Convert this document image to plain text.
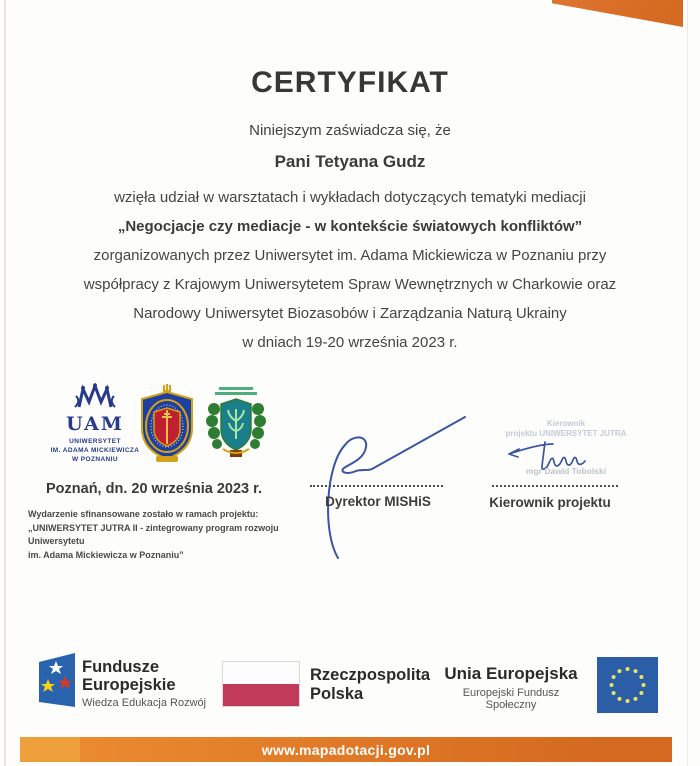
CERTYFIKAT
Niniejszym zaświadcza się, że
Pani Tetyana Gudz
wzięła udział w warsztatach i wykładach dotyczących tematyki mediacji
„Negocjacje czy mediacje - w kontekście światowych konfliktów”
zorganizowanych przez Uniwersytet im. Adama Mickiewicza w Poznaniu przy
współpracy z Krajowym Uniwersytetem Spraw Wewnętrznych w Charkowie oraz
Narodowy Uniwersytet Biozasobów i Zarządzania Naturą Ukrainy
w dniach 19-20 września 2023 r.
UAM
UNIWERSYTET
IM. ADAMA MICKIEWICZA
W POZNANIU
Poznań, dn. 20 września 2023 r.
Wydarzenie sfinansowane zostało w ramach projektu:
„UNIWERSYTET JUTRA II - zintegrowany program rozwoju
Uniwersytetu
im. Adama Mickiewicza w Poznaniu”
Dyrektor MISHiS
Kierownik
projektu UNIWERSYTET JUTRA
mgr Dawid Tobolski
Kierownik projektu
Fundusze
Europejskie
Wiedza Edukacja Rozwój
Rzeczpospolita
Polska
Unia Europejska
Europejski Fundusz Społeczny
www.mapadotacji.gov.pl
